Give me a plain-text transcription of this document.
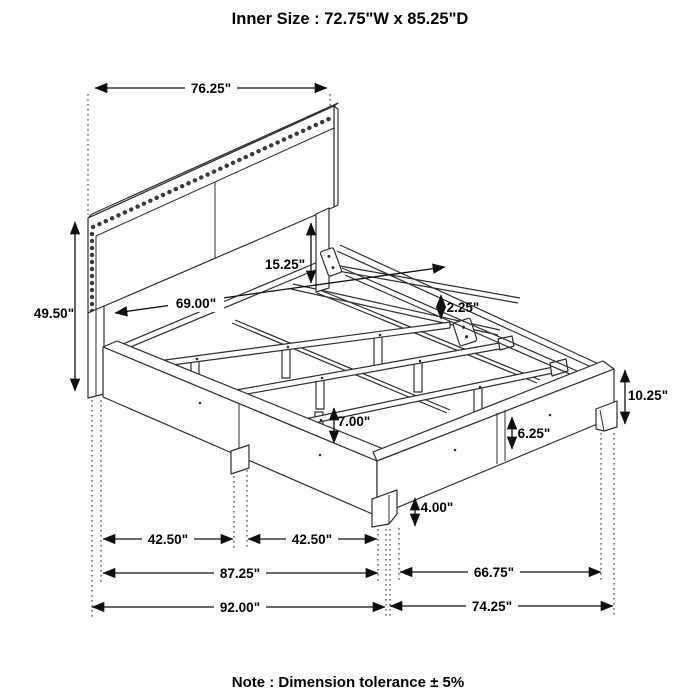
Inner Size : 72.75"W x 85.25"D
76.25"
49.50"
69.00"
15.25"
2.25"
7.00"
10.25"
6.25"
4.00"
42.50"	42.50"
87.25"	66.75"
92.00"	74.25"
Note : Dimension tolerance ± 5%
